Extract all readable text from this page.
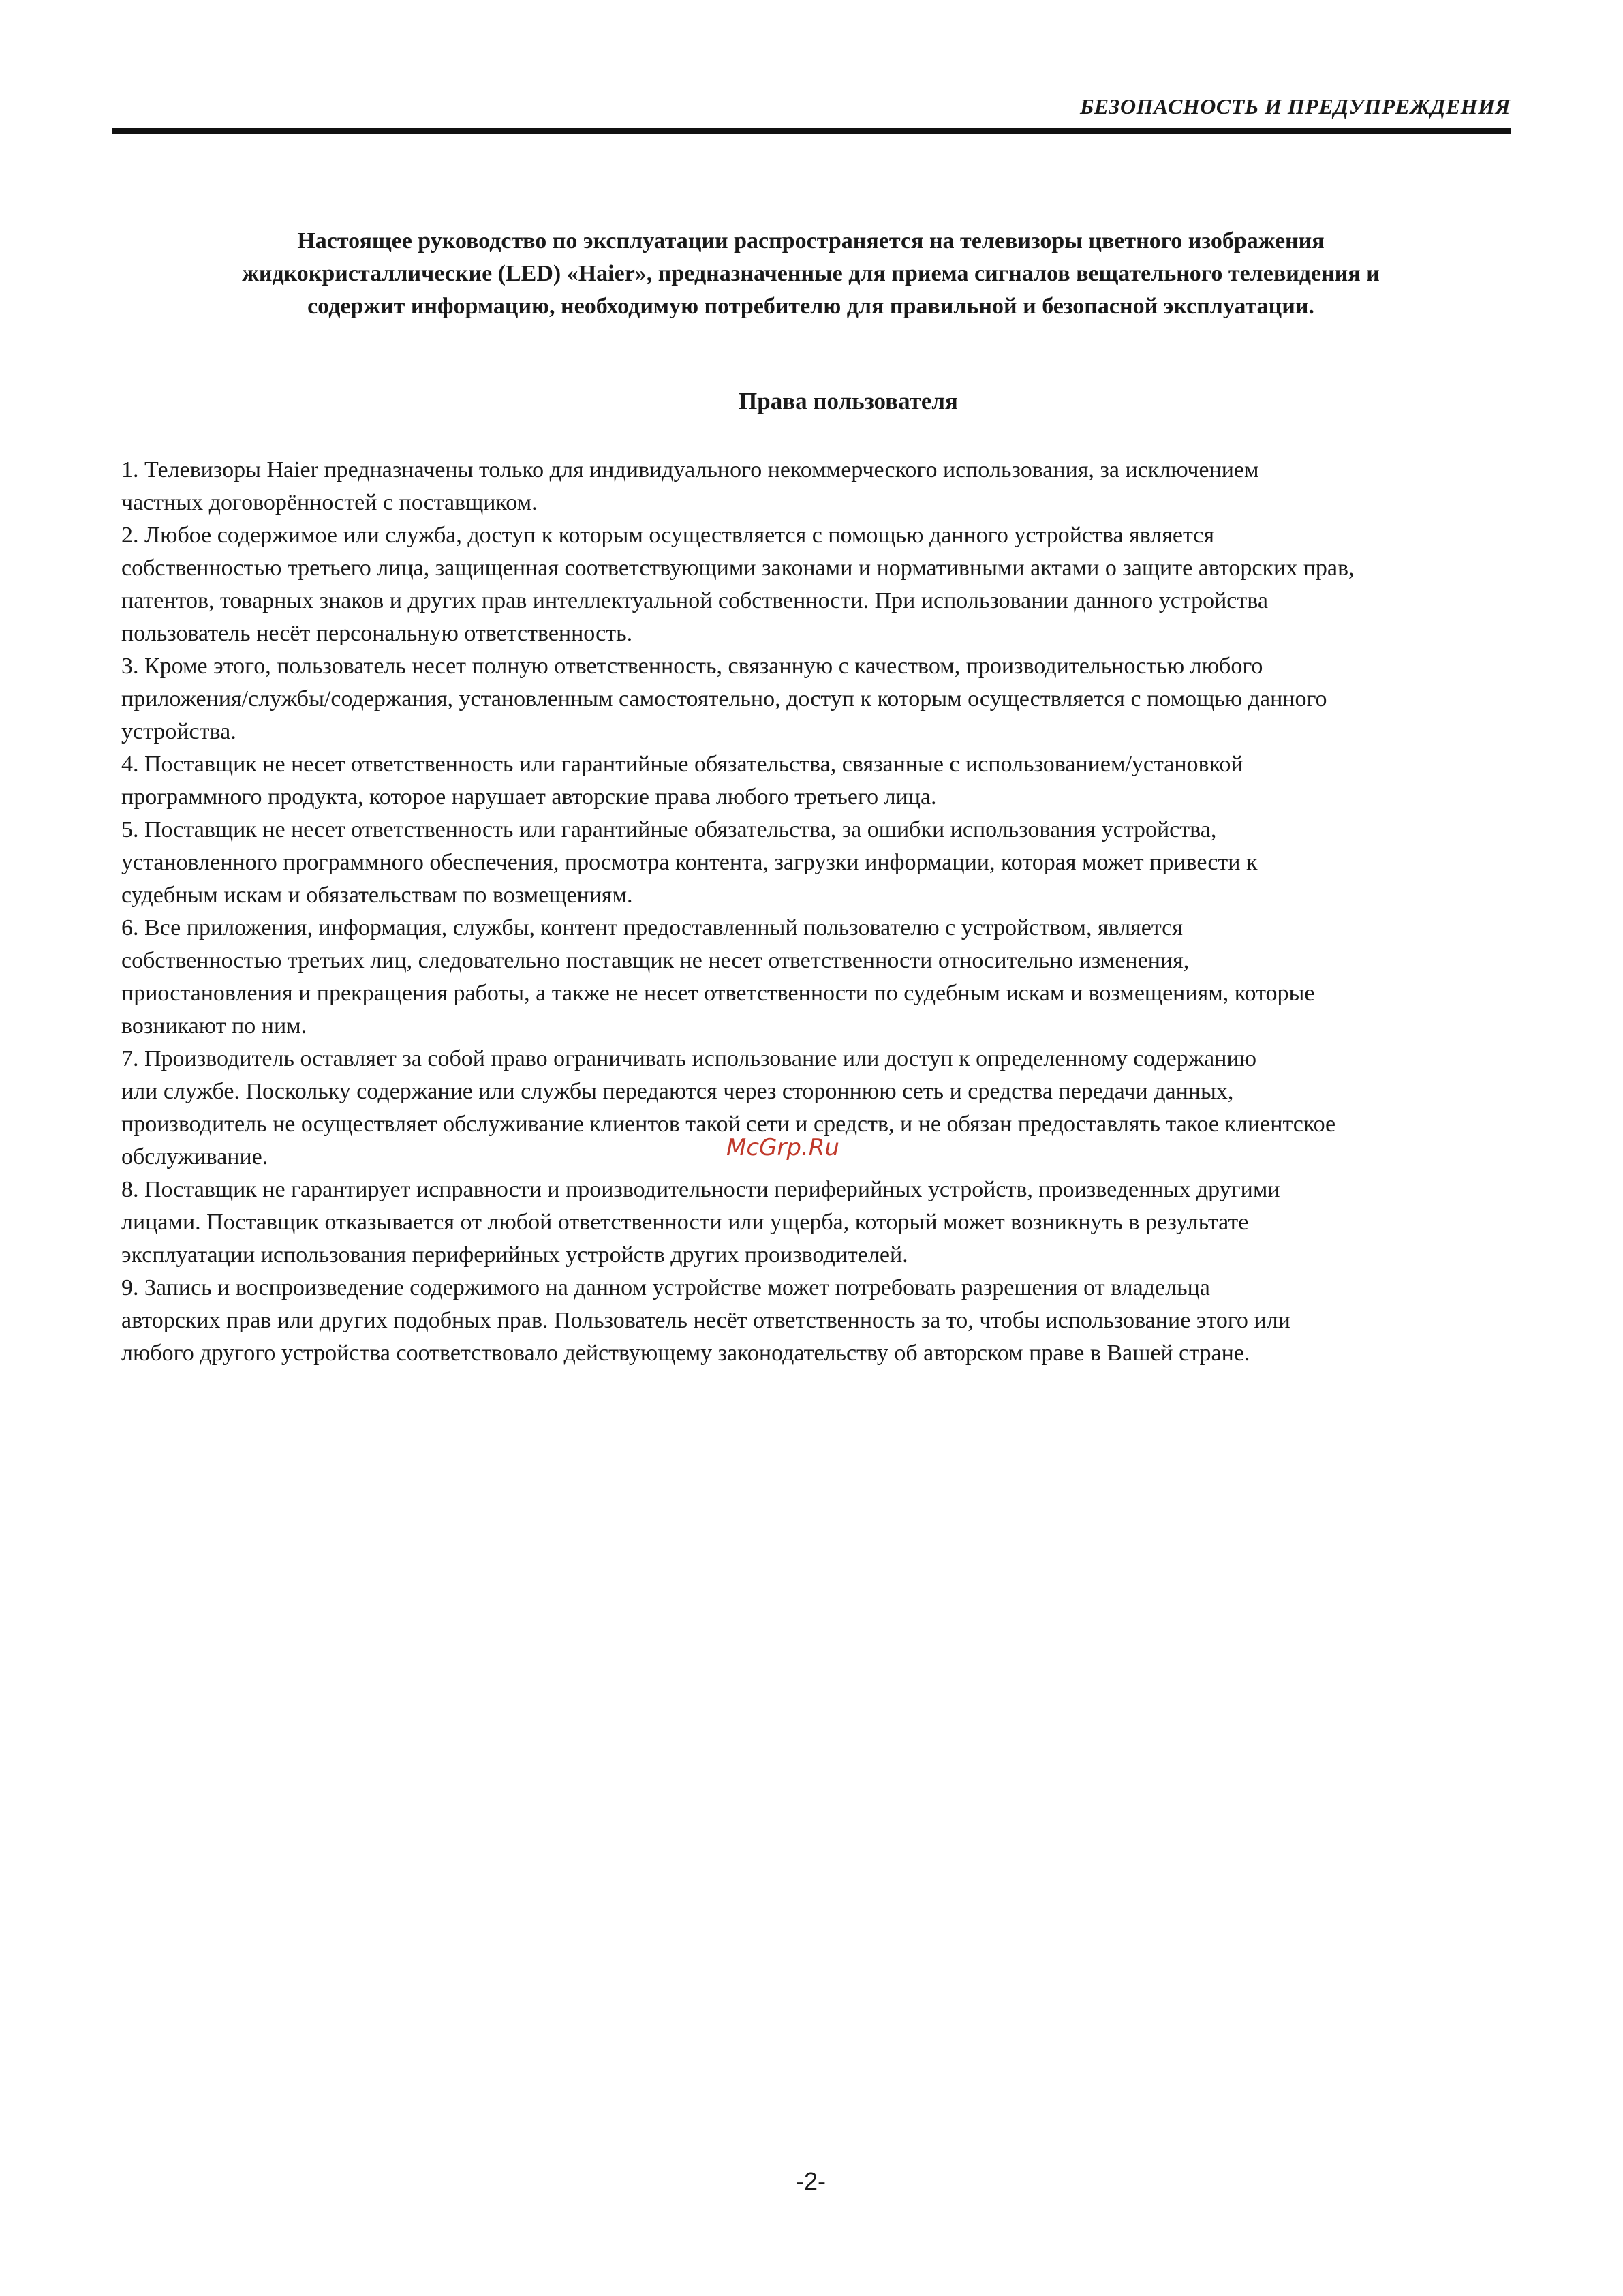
БЕЗОПАСНОСТЬ И ПРЕДУПРЕЖДЕНИЯ
Настоящее руководство по эксплуатации распространяется на телевизоры цветного изображения
жидкокристаллические (LED) «Haier», предназначенные для приема сигналов вещательного телевидения и
содержит информацию, необходимую потребителю для правильной и безопасной эксплуатации.
Права пользователя

1. Телевизоры Haier предназначены только для индивидуального некоммерческого использования, за исключением

частных договорённостей с поставщиком.

2. Любое содержимое или служба, доступ к которым осуществляется с помощью данного устройства является

собственностью третьего лица, защищенная соответствующими законами и нормативными актами о защите авторских прав,

патентов, товарных знаков и других прав интеллектуальной собственности. При использовании данного устройства

пользователь несёт персональную ответственность.

3. Кроме этого, пользователь несет полную ответственность, связанную с качеством, производительностью любого

приложения/службы/содержания, установленным самостоятельно, доступ к которым осуществляется с помощью данного

устройства.

4. Поставщик не несет ответственность или гарантийные обязательства, связанные с использованием/установкой

программного продукта, которое нарушает авторские права любого третьего лица.

5. Поставщик не несет ответственность или гарантийные обязательства, за ошибки использования устройства,

установленного программного обеспечения, просмотра контента, загрузки информации, которая может привести к

судебным искам и обязательствам по возмещениям.

6. Все приложения, информация, службы, контент предоставленный пользователю с устройством, является

собственностью третьих лиц, следовательно поставщик не несет ответственности относительно изменения,

приостановления и прекращения работы, а также не несет ответственности по судебным искам и возмещениям, которые

возникают по ним.

7. Производитель оставляет за собой право ограничивать использование или доступ к определенному содержанию

или службе. Поскольку содержание или службы передаются через стороннюю сеть и средства передачи данных,

производитель не осуществляет обслуживание клиентов такой сети и средств, и не обязан предоставлять такое клиентское

обслуживание.

8. Поставщик не гарантирует исправности и производительности периферийных устройств, произведенных другими

лицами. Поставщик отказывается от любой ответственности или ущерба, который может возникнуть в результате

эксплуатации использования периферийных устройств других производителей.

9. Запись и воспроизведение содержимого на данном устройстве может потребовать разрешения от владельца

авторских прав или других подобных прав. Пользователь несёт ответственность за то, чтобы использование этого или

любого другого устройства соответствовало действующему законодательству об авторском праве в Вашей стране.

McGrp.Ru
-2-
